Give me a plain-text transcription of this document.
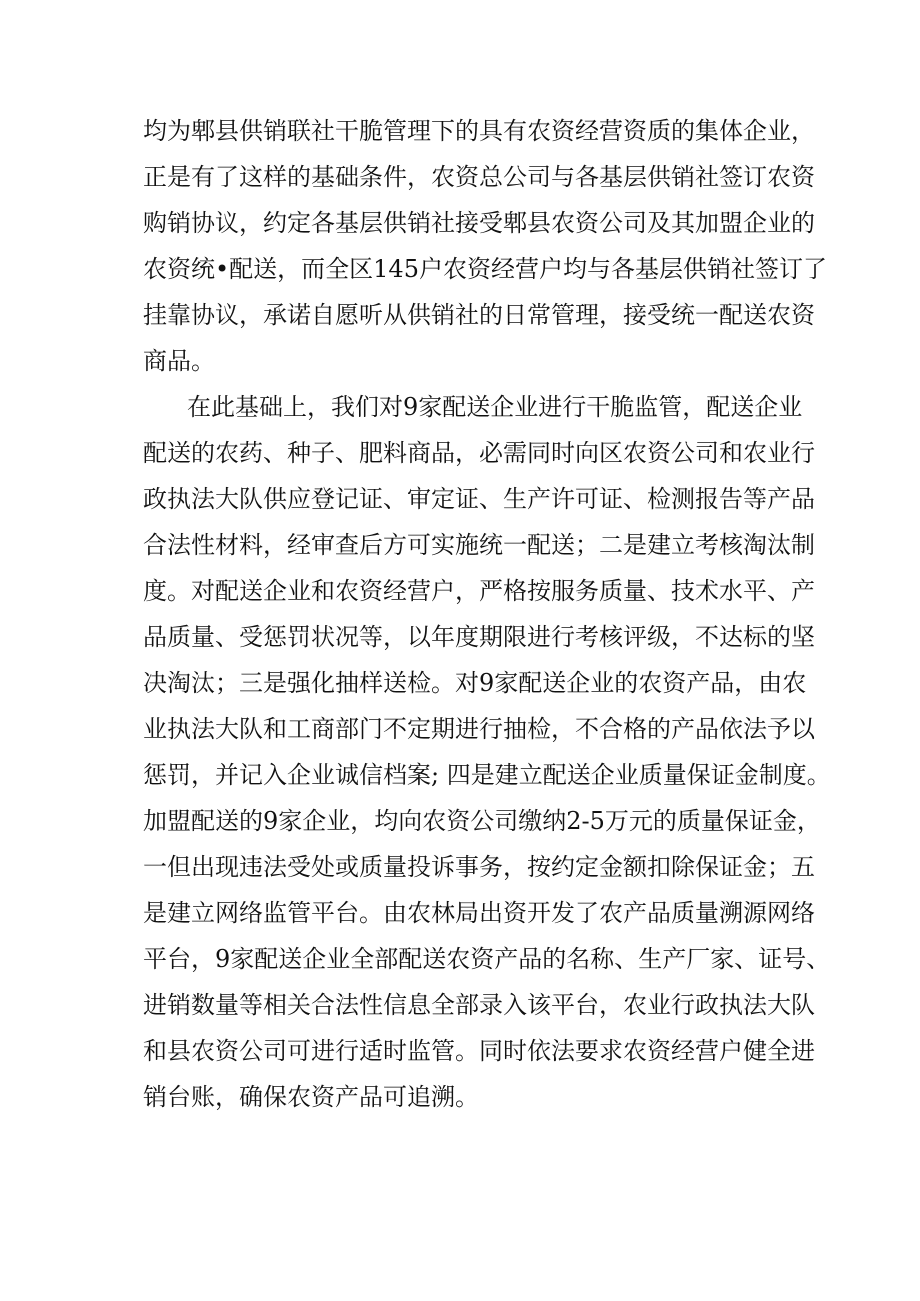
均为郫县供销联社干脆管理下的具有农资经营资质的集体企业，
正是有了这样的基础条件，农资总公司与各基层供销社签订农资
购销协议，约定各基层供销社接受郫县农资公司及其加盟企业的
农资统•配送，而全区145户农资经营户均与各基层供销社签订了
挂靠协议，承诺自愿听从供销社的日常管理，接受统一配送农资
商品。
在此基础上，我们对9家配送企业进行干脆监管，配送企业
配送的农药、种子、肥料商品，必需同时向区农资公司和农业行
政执法大队供应登记证、审定证、生产许可证、检测报告等产品
合法性材料，经审查后方可实施统一配送；二是建立考核淘汰制
度。对配送企业和农资经营户，严格按服务质量、技术水平、产
品质量、受惩罚状况等，以年度期限进行考核评级，不达标的坚
决淘汰；三是强化抽样送检。对9家配送企业的农资产品，由农
业执法大队和工商部门不定期进行抽检，不合格的产品依法予以
惩罚，并记入企业诚信档案; 四是建立配送企业质量保证金制度。
加盟配送的9家企业，均向农资公司缴纳2-5万元的质量保证金，
一但出现违法受处或质量投诉事务，按约定金额扣除保证金；五
是建立网络监管平台。由农林局出资开发了农产品质量溯源网络
平台，9家配送企业全部配送农资产品的名称、生产厂家、证号、
进销数量等相关合法性信息全部录入该平台，农业行政执法大队
和县农资公司可进行适时监管。同时依法要求农资经营户健全进
销台账，确保农资产品可追溯。
